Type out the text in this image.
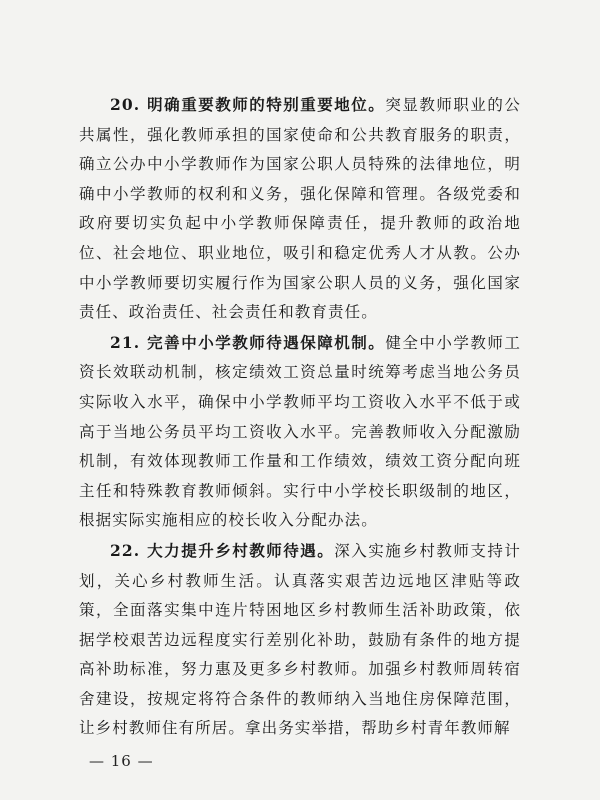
20. 明确重要教师的特别重要地位。突显教师职业的公共属性，强化教师承担的国家使命和公共教育服务的职责，确立公办中小学教师作为国家公职人员特殊的法律地位，明确中小学教师的权利和义务，强化保障和管理。各级党委和政府要切实负起中小学教师保障责任，提升教师的政治地位、社会地位、职业地位，吸引和稳定优秀人才从教。公办中小学教师要切实履行作为国家公职人员的义务，强化国家责任、政治责任、社会责任和教育责任。

21. 完善中小学教师待遇保障机制。健全中小学教师工资长效联动机制，核定绩效工资总量时统筹考虑当地公务员实际收入水平，确保中小学教师平均工资收入水平不低于或高于当地公务员平均工资收入水平。完善教师收入分配激励机制，有效体现教师工作量和工作绩效，绩效工资分配向班主任和特殊教育教师倾斜。实行中小学校长职级制的地区，根据实际实施相应的校长收入分配办法。

22. 大力提升乡村教师待遇。深入实施乡村教师支持计划，关心乡村教师生活。认真落实艰苦边远地区津贴等政策，全面落实集中连片特困地区乡村教师生活补助政策，依据学校艰苦边远程度实行差别化补助，鼓励有条件的地方提高补助标准，努力惠及更多乡村教师。加强乡村教师周转宿舍建设，按规定将符合条件的教师纳入当地住房保障范围，让乡村教师住有所居。拿出务实举措，帮助乡村青年教师解

— 16 —
